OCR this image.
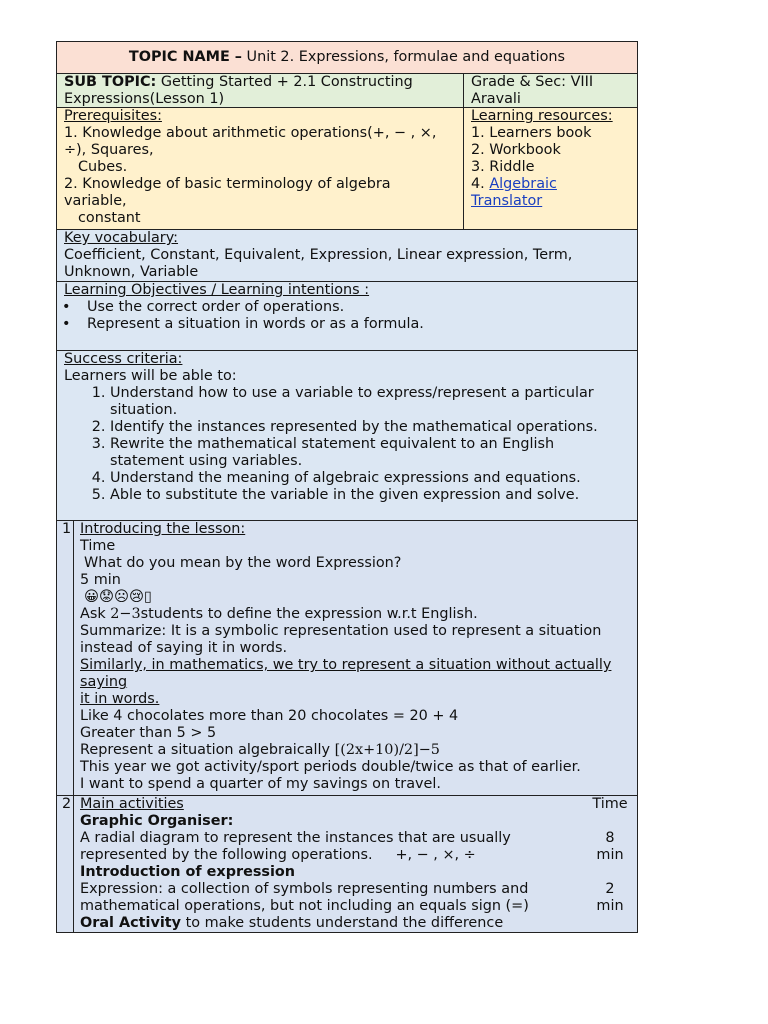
TOPIC NAME – Unit 2. Expressions, formulae and equations
SUB TOPIC: Getting Started + 2.1 Constructing Expressions(Lesson 1)
Grade & Sec: VIII Aravali

Prerequisites:

1. Knowledge about arithmetic operations(+, − , ×, ÷), Squares,

Cubes.

2. Knowledge of basic terminology of algebra variable,

constant

Learning resources:

1. Learners book

2. Workbook

3. Riddle

4. Algebraic Translator

Key vocabulary:

Coefficient, Constant, Equivalent, Expression, Linear expression, Term, Unknown, Variable

Learning Objectives / Learning intentions :

• Use the correct order of operations.

• Represent a situation in words or as a formula.

Success criteria:

Learners will be able to:

1. Understand how to use a variable to express/represent a particular situation.
2. Identify the instances represented by the mathematical operations.
3. Rewrite the mathematical statement equivalent to an English statement using variables.
4. Understand the meaning of algebraic expressions and equations.
5. Able to substitute the variable in the given expression and solve.
1 Introducing the lesson:

Time

What do you mean by the word Expression?

5 min

😀😟☹😢▯

Ask 2−3students to define the expression w.r.t English.

Summarize: It is a symbolic representation used to represent a situation instead of saying it in words.

Similarly, in mathematics, we try to represent a situation without actually saying

it in words.

Like 4 chocolates more than 20 chocolates = 20 + 4

Greater than 5 > 5

Represent a situation algebraically [(2x+10)/2]−5

This year we got activity/sport periods double/twice as that of earlier.

I want to spend a quarter of my savings on travel.

2 Main activities

Graphic Organiser:

A radial diagram to represent the instances that are usually represented by the following operations. +, − , ×, ÷

Introduction of expression

Expression: a collection of symbols representing numbers and mathematical operations, but not including an equals sign (=)

Oral Activity to make students understand the difference

Time

8

min

2

min
